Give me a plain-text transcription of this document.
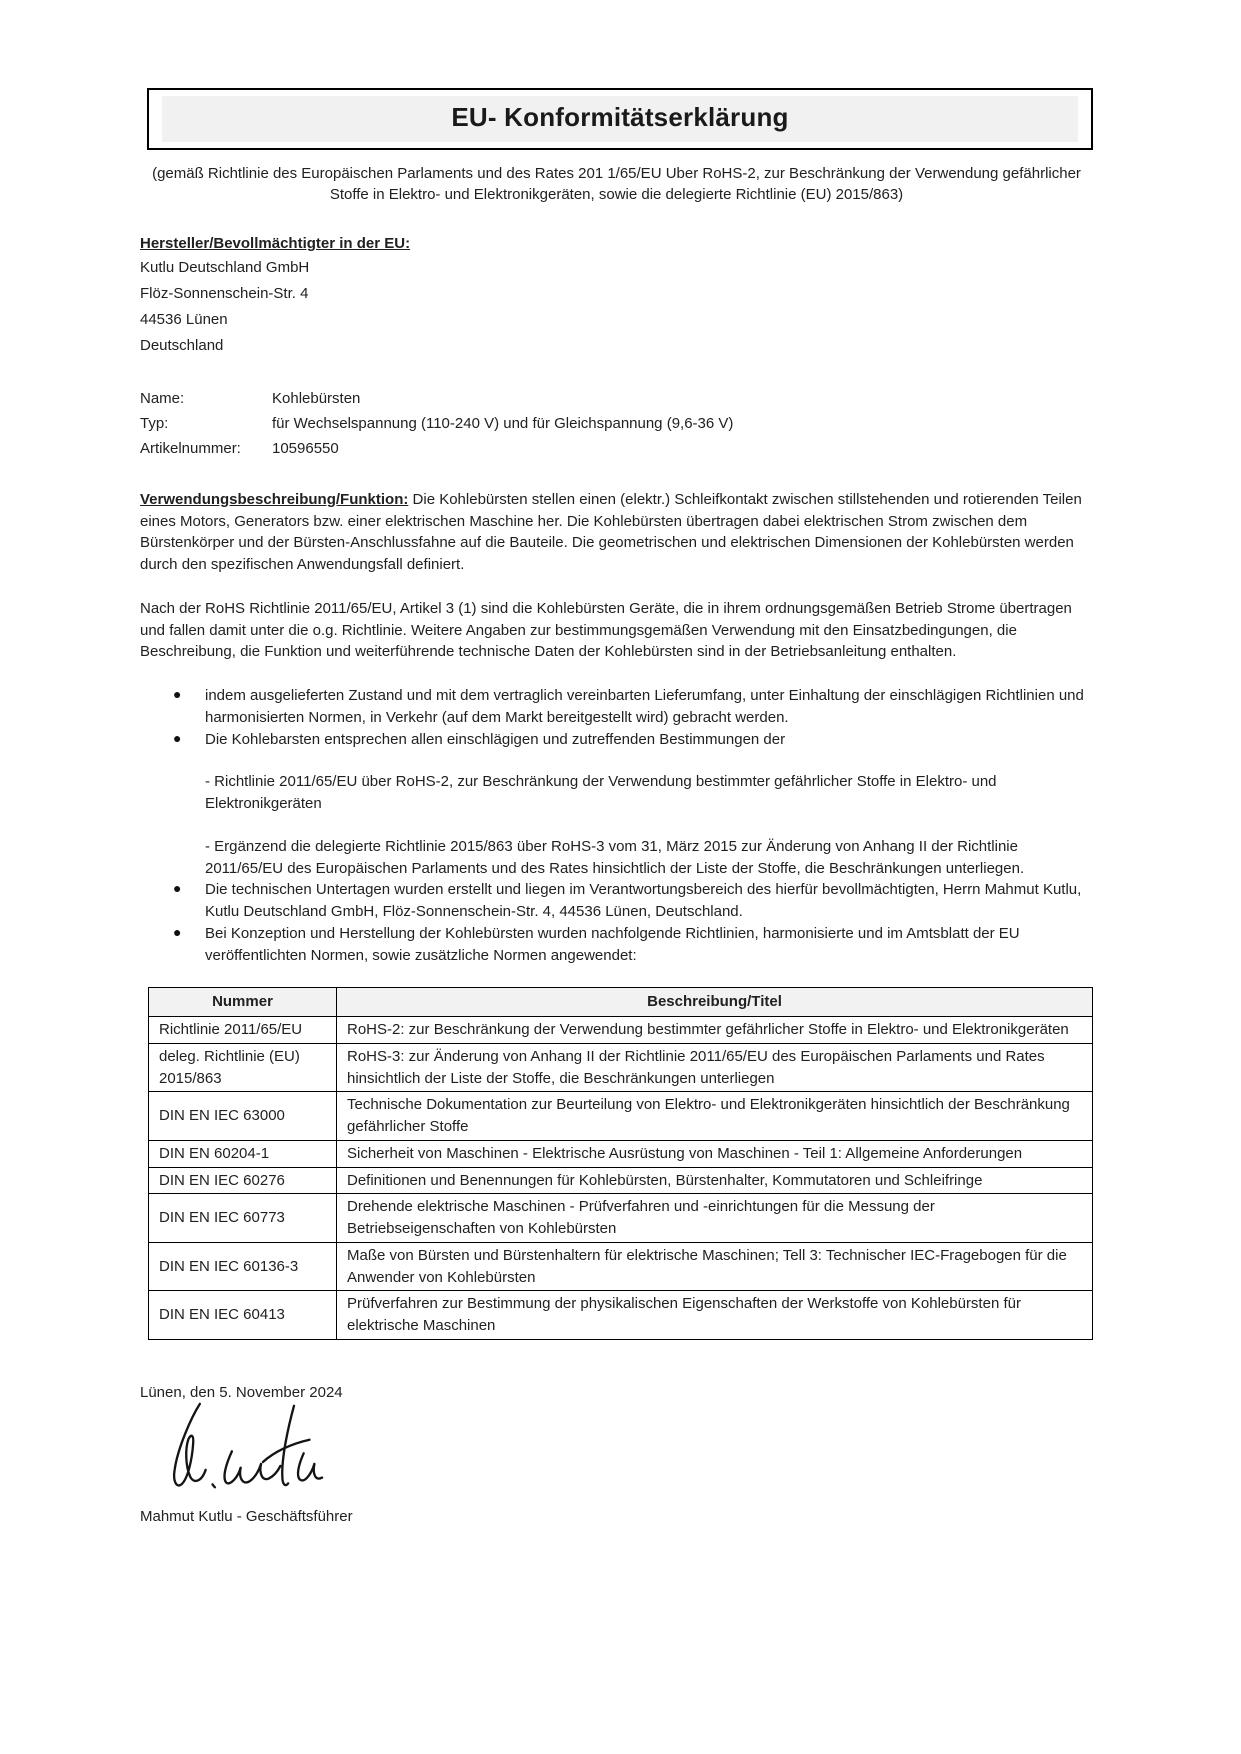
EU- Konformitätserklärung

(gemäß Richtlinie des Europäischen Parlaments und des Rates 201 1/65/EU Uber RoHS-2, zur Beschränkung der Verwendung gefährlicher Stoffe in Elektro- und Elektronikgeräten, sowie die delegierte Richtlinie (EU) 2015/863)

Hersteller/Bevollmächtigter in der EU:

Kutlu Deutschland GmbH
Flöz-Sonnenschein-Str. 4
44536 Lünen
Deutschland
Name:	Kohlebürsten
Typ:	für Wechselspannung (110-240 V) und für Gleichspannung (9,6-36 V)
Artikelnummer:	10596550

Verwendungsbeschreibung/Funktion: Die Kohlebürsten stellen einen (elektr.) Schleifkontakt zwischen stillstehenden und rotierenden Teilen eines Motors, Generators bzw. einer elektrischen Maschine her. Die Kohlebürsten übertragen dabei elektrischen Strom zwischen dem Bürstenkörper und der Bürsten-Anschlussfahne auf die Bauteile. Die geometrischen und elektrischen Dimensionen der Kohlebürsten werden durch den spezifischen Anwendungsfall definiert.

Nach der RoHS Richtlinie 2011/65/EU, Artikel 3 (1) sind die Kohlebürsten Geräte, die in ihrem ordnungsgemäßen Betrieb Strome übertragen und fallen damit unter die o.g. Richtlinie. Weitere Angaben zur bestimmungsgemäßen Verwendung mit den Einsatzbedingungen, die Beschreibung, die Funktion und weiterführende technische Daten der Kohlebürsten sind in der Betriebsanleitung enthalten.

● indem ausgelieferten Zustand und mit dem vertraglich vereinbarten Lieferumfang, unter Einhaltung der einschlägigen Richtlinien und harmonisierten Normen, in Verkehr (auf dem Markt bereitgestellt wird) gebracht werden.
● Die Kohlebarsten entsprechen allen einschlägigen und zutreffenden Bestimmungen der
- Richtlinie 2011/65/EU über RoHS-2, zur Beschränkung der Verwendung bestimmter gefährlicher Stoffe in Elektro- und Elektronikgeräten
- Ergänzend die delegierte Richtlinie 2015/863 über RoHS-3 vom 31, März 2015 zur Änderung von Anhang II der Richtlinie 2011/65/EU des Europäischen Parlaments und des Rates hinsichtlich der Liste der Stoffe, die Beschränkungen unterliegen.
● Die technischen Untertagen wurden erstellt und liegen im Verantwortungsbereich des hierfür bevollmächtigten, Herrn Mahmut Kutlu, Kutlu Deutschland GmbH, Flöz-Sonnenschein-Str. 4, 44536 Lünen, Deutschland.
● Bei Konzeption und Herstellung der Kohlebürsten wurden nachfolgende Richtlinien, harmonisierte und im Amtsblatt der EU veröffentlichten Normen, sowie zusätzliche Normen angewendet:
Nummer	Beschreibung/Titel
Richtlinie 2011/65/EU	RoHS-2: zur Beschränkung der Verwendung bestimmter gefährlicher Stoffe in Elektro- und Elektronikgeräten
deleg. Richtlinie (EU) 2015/863	RoHS-3: zur Änderung von Anhang II der Richtlinie 2011/65/EU des Europäischen Parlaments und Rates hinsichtlich der Liste der Stoffe, die Beschränkungen unterliegen
DIN EN IEC 63000	Technische Dokumentation zur Beurteilung von Elektro- und Elektronikgeräten hinsichtlich der Beschränkung gefährlicher Stoffe
DIN EN 60204-1	Sicherheit von Maschinen - Elektrische Ausrüstung von Maschinen - Teil 1: Allgemeine Anforderungen
DIN EN IEC 60276	Definitionen und Benennungen für Kohlebürsten, Bürstenhalter, Kommutatoren und Schleifringe
DIN EN IEC 60773	Drehende elektrische Maschinen - Prüfverfahren und -einrichtungen für die Messung der Betriebseigenschaften von Kohlebürsten
DIN EN IEC 60136-3	Maße von Bürsten und Bürstenhaltern für elektrische Maschinen; Tell 3: Technischer IEC-Fragebogen für die Anwender von Kohlebürsten
DIN EN IEC 60413	Prüfverfahren zur Bestimmung der physikalischen Eigenschaften der Werkstoffe von Kohlebürsten für elektrische Maschinen

Lünen, den 5. November 2024

Mahmut Kutlu - Geschäftsführer
